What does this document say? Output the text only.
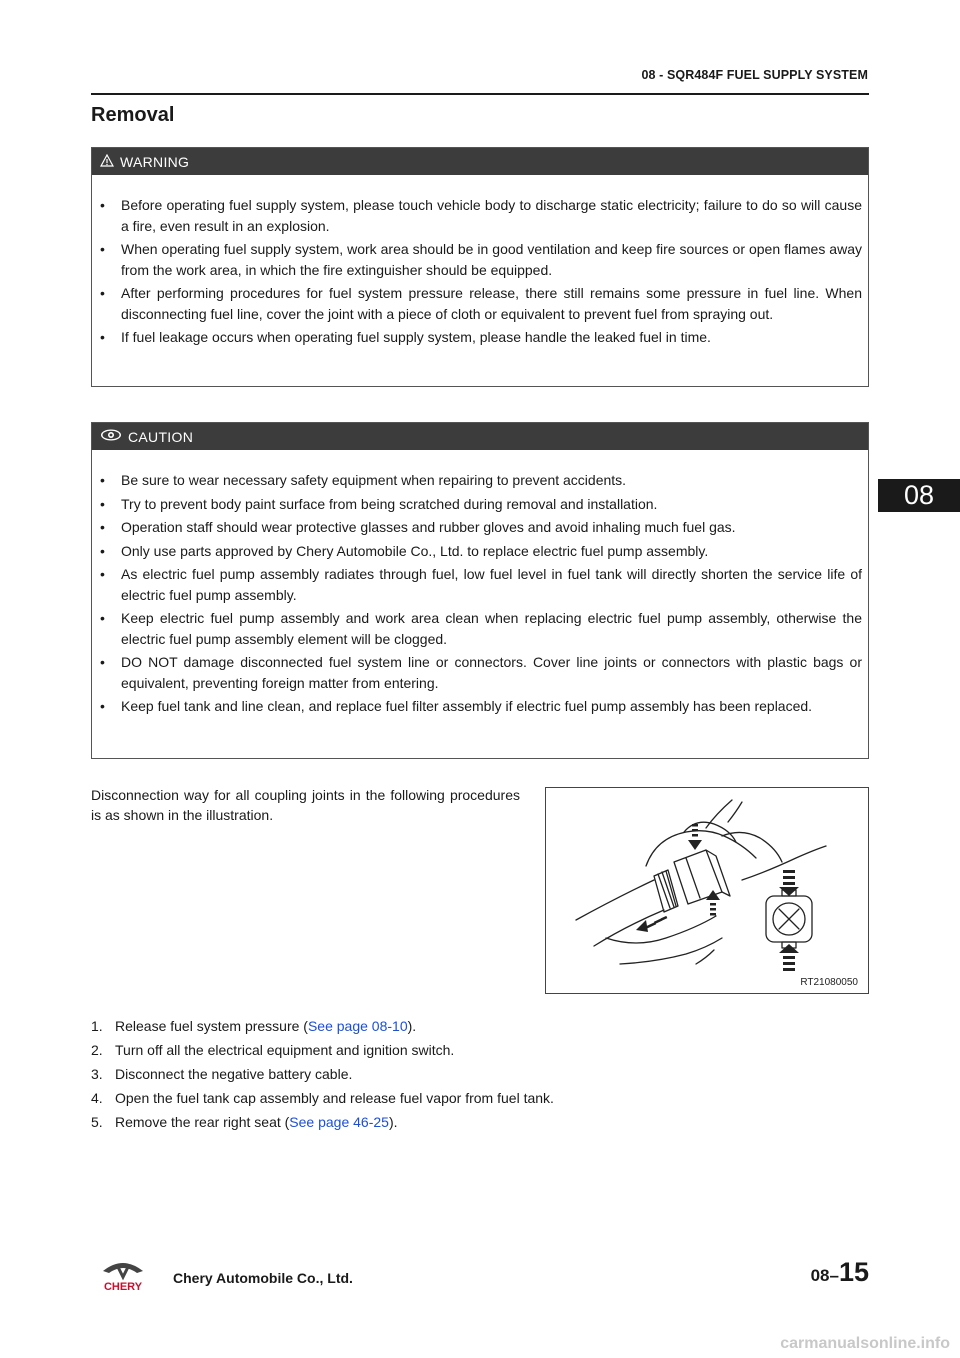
08 - SQR484F FUEL SUPPLY SYSTEM
Removal
WARNING
• Before operating fuel supply system, please touch vehicle body to discharge static electricity; failure to do so will cause a fire, even result in an explosion.
• When operating fuel supply system, work area should be in good ventilation and keep fire sources or open flames away from the work area, in which the fire extinguisher should be equipped.
• After performing procedures for fuel system pressure release, there still remains some pressure in fuel line. When disconnecting fuel line, cover the joint with a piece of cloth or equivalent to prevent fuel from spraying out.
• If fuel leakage occurs when operating fuel supply system, please handle the leaked fuel in time.
CAUTION
• Be sure to wear necessary safety equipment when repairing to prevent accidents.
• Try to prevent body paint surface from being scratched during removal and installation.
• Operation staff should wear protective glasses and rubber gloves and avoid inhaling much fuel gas.
• Only use parts approved by Chery Automobile Co., Ltd. to replace electric fuel pump assembly.
• As electric fuel pump assembly radiates through fuel, low fuel level in fuel tank will directly shorten the service life of electric fuel pump assembly.
• Keep electric fuel pump assembly and work area clean when replacing electric fuel pump assembly, otherwise the electric fuel pump assembly element will be clogged.
• DO NOT damage disconnected fuel system line or connectors. Cover line joints or connectors with plastic bags or equivalent, preventing foreign matter from entering.
• Keep fuel tank and line clean, and replace fuel filter assembly if electric fuel pump assembly has been replaced.
08
Disconnection way for all coupling joints in the following procedures is as shown in the illustration.
RT21080050
1. Release fuel system pressure (See page 08-10).
2. Turn off all the electrical equipment and ignition switch.
3. Disconnect the negative battery cable.
4. Open the fuel tank cap assembly and release fuel vapor from fuel tank.
5. Remove the rear right seat (See page 46-25).
CHERY
Chery Automobile Co., Ltd.	08– 15
carmanualsonline.info
